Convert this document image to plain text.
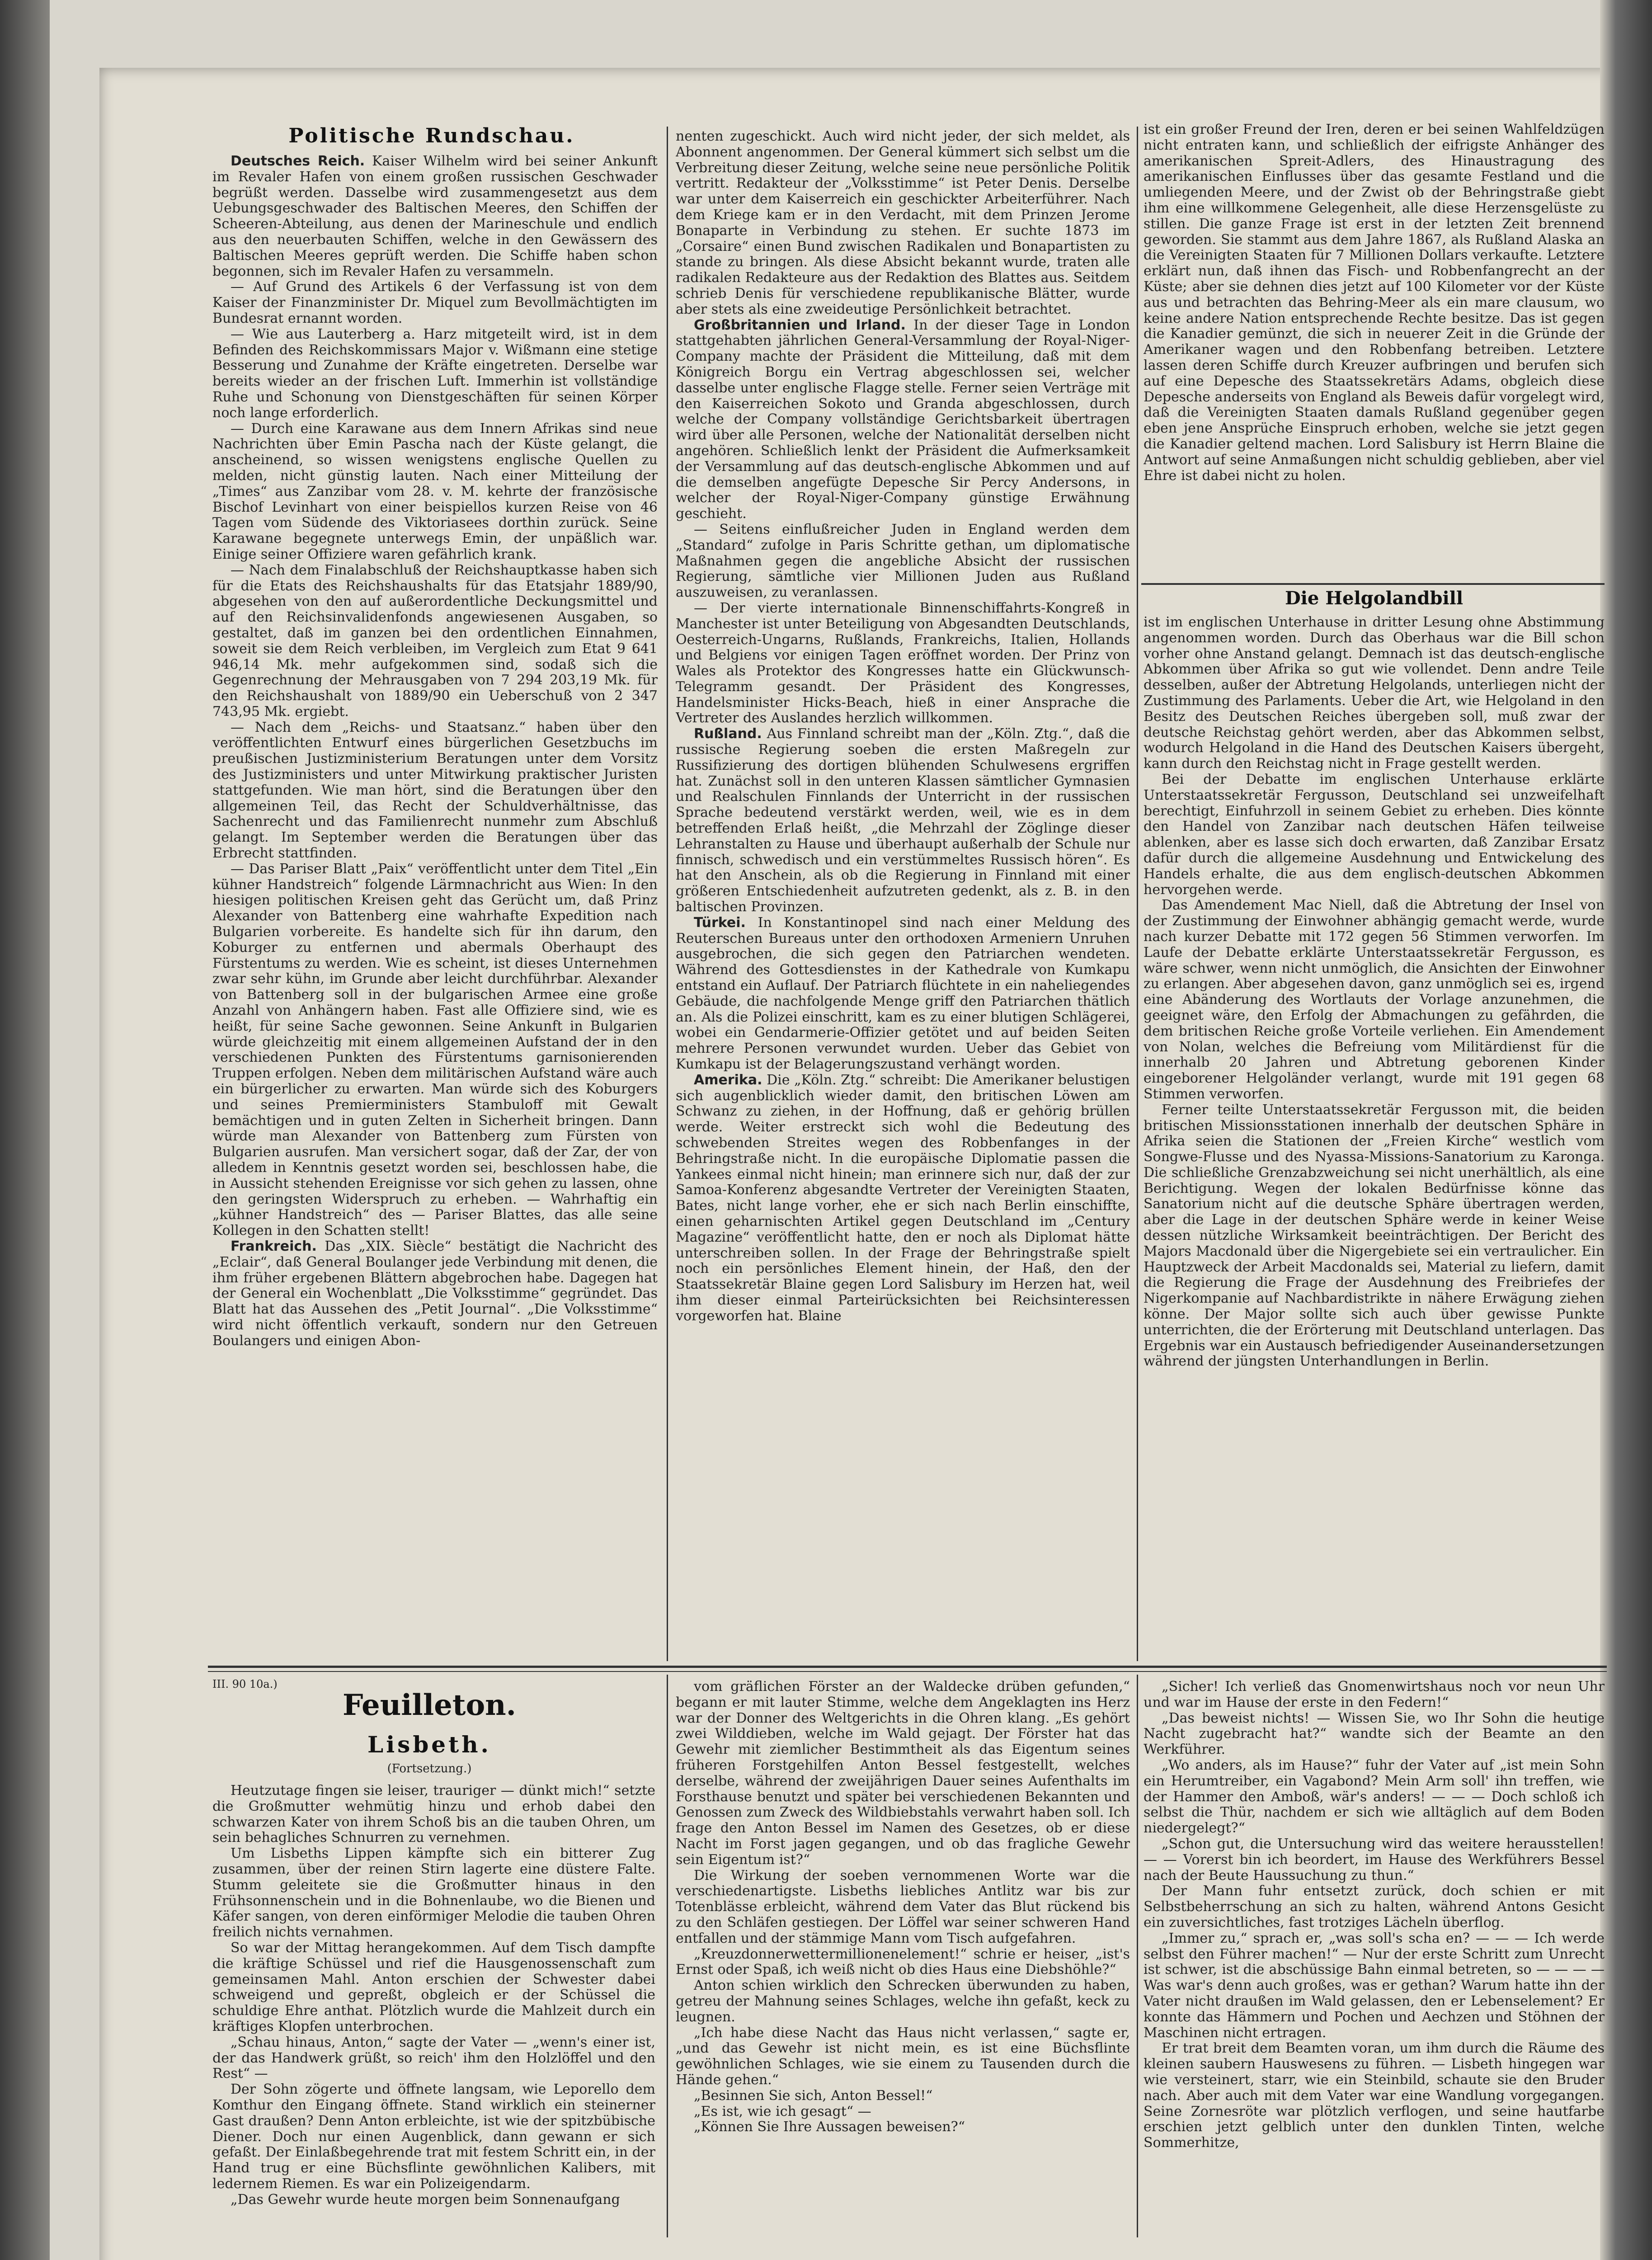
Politische Rundschau.

Deutsches Reich. Kaiser Wilhelm wird bei seiner Ankunft im Revaler Hafen von einem großen russischen Geschwader begrüßt werden. Dasselbe wird zusammengesetzt aus dem Uebungsgeschwader des Baltischen Meeres, den Schiffen der Scheeren-Abteilung, aus denen der Marineschule und endlich aus den neuerbauten Schiffen, welche in den Gewässern des Baltischen Meeres geprüft werden. Die Schiffe haben schon begonnen, sich im Revaler Hafen zu versammeln.

— Auf Grund des Artikels 6 der Verfassung ist von dem Kaiser der Finanzminister Dr. Miquel zum Bevollmächtigten im Bundesrat ernannt worden.

— Wie aus Lauterberg a. Harz mitgeteilt wird, ist in dem Befinden des Reichskommissars Major v. Wißmann eine stetige Besserung und Zunahme der Kräfte eingetreten. Derselbe war bereits wieder an der frischen Luft. Immerhin ist vollständige Ruhe und Schonung von Dienstgeschäften für seinen Körper noch lange erforderlich.

— Durch eine Karawane aus dem Innern Afrikas sind neue Nachrichten über Emin Pascha nach der Küste gelangt, die anscheinend, so wissen wenigstens englische Quellen zu melden, nicht günstig lauten. Nach einer Mitteilung der „Times“ aus Zanzibar vom 28. v. M. kehrte der französische Bischof Levinhart von einer beispiellos kurzen Reise von 46 Tagen vom Südende des Viktoriasees dorthin zurück. Seine Karawane begegnete unterwegs Emin, der unpäßlich war. Einige seiner Offiziere waren gefährlich krank.

— Nach dem Finalabschluß der Reichshauptkasse haben sich für die Etats des Reichshaushalts für das Etatsjahr 1889/90, abgesehen von den auf außerordentliche Deckungsmittel und auf den Reichsinvalidenfonds angewiesenen Ausgaben, so gestaltet, daß im ganzen bei den ordentlichen Einnahmen, soweit sie dem Reich verbleiben, im Vergleich zum Etat 9 641 946,14 Mk. mehr aufgekommen sind, sodaß sich die Gegenrechnung der Mehrausgaben von 7 294 203,19 Mk. für den Reichshaushalt von 1889/90 ein Ueberschuß von 2 347 743,95 Mk. ergiebt.

— Nach dem „Reichs- und Staatsanz.“ haben über den veröffentlichten Entwurf eines bürgerlichen Gesetzbuchs im preußischen Justizministerium Beratungen unter dem Vorsitz des Justizministers und unter Mitwirkung praktischer Juristen stattgefunden. Wie man hört, sind die Beratungen über den allgemeinen Teil, das Recht der Schuldverhältnisse, das Sachenrecht und das Familienrecht nunmehr zum Abschluß gelangt. Im September werden die Beratungen über das Erbrecht stattfinden.

— Das Pariser Blatt „Paix“ veröffentlicht unter dem Titel „Ein kühner Handstreich“ folgende Lärmnachricht aus Wien: In den hiesigen politischen Kreisen geht das Gerücht um, daß Prinz Alexander von Battenberg eine wahrhafte Expedition nach Bulgarien vorbereite. Es handelte sich für ihn darum, den Koburger zu entfernen und abermals Oberhaupt des Fürstentums zu werden. Wie es scheint, ist dieses Unternehmen zwar sehr kühn, im Grunde aber leicht durchführbar. Alexander von Battenberg soll in der bulgarischen Armee eine große Anzahl von Anhängern haben. Fast alle Offiziere sind, wie es heißt, für seine Sache gewonnen. Seine Ankunft in Bulgarien würde gleichzeitig mit einem allgemeinen Aufstand der in den verschiedenen Punkten des Fürstentums garnisonierenden Truppen erfolgen. Neben dem militärischen Aufstand wäre auch ein bürgerlicher zu erwarten. Man würde sich des Koburgers und seines Premierministers Stambuloff mit Gewalt bemächtigen und in guten Zelten in Sicherheit bringen. Dann würde man Alexander von Battenberg zum Fürsten von Bulgarien ausrufen. Man versichert sogar, daß der Zar, der von alledem in Kenntnis gesetzt worden sei, beschlossen habe, die in Aussicht stehenden Ereignisse vor sich gehen zu lassen, ohne den geringsten Widerspruch zu erheben. — Wahrhaftig ein „kühner Handstreich“ des — Pariser Blattes, das alle seine Kollegen in den Schatten stellt!

Frankreich. Das „XIX. Siècle“ bestätigt die Nachricht des „Eclair“, daß General Boulanger jede Verbindung mit denen, die ihm früher ergebenen Blättern abgebrochen habe. Dagegen hat der General ein Wochenblatt „Die Volksstimme“ gegründet. Das Blatt hat das Aussehen des „Petit Journal“. „Die Volksstimme“ wird nicht öffentlich verkauft, sondern nur den Getreuen Boulangers und einigen Abon-

nenten zugeschickt. Auch wird nicht jeder, der sich meldet, als Abonnent angenommen. Der General kümmert sich selbst um die Verbreitung dieser Zeitung, welche seine neue persönliche Politik vertritt. Redakteur der „Volksstimme“ ist Peter Denis. Derselbe war unter dem Kaiserreich ein geschickter Arbeiterführer. Nach dem Kriege kam er in den Verdacht, mit dem Prinzen Jerome Bonaparte in Verbindung zu stehen. Er suchte 1873 im „Corsaire“ einen Bund zwischen Radikalen und Bonapartisten zu stande zu bringen. Als diese Absicht bekannt wurde, traten alle radikalen Redakteure aus der Redaktion des Blattes aus. Seitdem schrieb Denis für verschiedene republikanische Blätter, wurde aber stets als eine zweideutige Persönlichkeit betrachtet.

Großbritannien und Irland. In der dieser Tage in London stattgehabten jährlichen General-Versammlung der Royal-Niger-Company machte der Präsident die Mitteilung, daß mit dem Königreich Borgu ein Vertrag abgeschlossen sei, welcher dasselbe unter englische Flagge stelle. Ferner seien Verträge mit den Kaiserreichen Sokoto und Granda abgeschlossen, durch welche der Company vollständige Gerichtsbarkeit übertragen wird über alle Personen, welche der Nationalität derselben nicht angehören. Schließlich lenkt der Präsident die Aufmerksamkeit der Versammlung auf das deutsch-englische Abkommen und auf die demselben angefügte Depesche Sir Percy Andersons, in welcher der Royal-Niger-Company günstige Erwähnung geschieht.

— Seitens einflußreicher Juden in England werden dem „Standard“ zufolge in Paris Schritte gethan, um diplomatische Maßnahmen gegen die angebliche Absicht der russischen Regierung, sämtliche vier Millionen Juden aus Rußland auszuweisen, zu veranlassen.

— Der vierte internationale Binnenschiffahrts-Kongreß in Manchester ist unter Beteiligung von Abgesandten Deutschlands, Oesterreich-Ungarns, Rußlands, Frankreichs, Italien, Hollands und Belgiens vor einigen Tagen eröffnet worden. Der Prinz von Wales als Protektor des Kongresses hatte ein Glückwunsch-Telegramm gesandt. Der Präsident des Kongresses, Handelsminister Hicks-Beach, hieß in einer Ansprache die Vertreter des Auslandes herzlich willkommen.

Rußland. Aus Finnland schreibt man der „Köln. Ztg.“, daß die russische Regierung soeben die ersten Maßregeln zur Russifizierung des dortigen blühenden Schulwesens ergriffen hat. Zunächst soll in den unteren Klassen sämtlicher Gymnasien und Realschulen Finnlands der Unterricht in der russischen Sprache bedeutend verstärkt werden, weil, wie es in dem betreffenden Erlaß heißt, „die Mehrzahl der Zöglinge dieser Lehranstalten zu Hause und überhaupt außerhalb der Schule nur finnisch, schwedisch und ein verstümmeltes Russisch hören“. Es hat den Anschein, als ob die Regierung in Finnland mit einer größeren Entschiedenheit aufzutreten gedenkt, als z. B. in den baltischen Provinzen.

Türkei. In Konstantinopel sind nach einer Meldung des Reuterschen Bureaus unter den orthodoxen Armeniern Unruhen ausgebrochen, die sich gegen den Patriarchen wendeten. Während des Gottesdienstes in der Kathedrale von Kumkapu entstand ein Auflauf. Der Patriarch flüchtete in ein naheliegendes Gebäude, die nachfolgende Menge griff den Patriarchen thätlich an. Als die Polizei einschritt, kam es zu einer blutigen Schlägerei, wobei ein Gendarmerie-Offizier getötet und auf beiden Seiten mehrere Personen verwundet wurden. Ueber das Gebiet von Kumkapu ist der Belagerungszustand verhängt worden.

Amerika. Die „Köln. Ztg.“ schreibt: Die Amerikaner belustigen sich augenblicklich wieder damit, den britischen Löwen am Schwanz zu ziehen, in der Hoffnung, daß er gehörig brüllen werde. Weiter erstreckt sich wohl die Bedeutung des schwebenden Streites wegen des Robbenfanges in der Behringstraße nicht. In die europäische Diplomatie passen die Yankees einmal nicht hinein; man erinnere sich nur, daß der zur Samoa-Konferenz abgesandte Vertreter der Vereinigten Staaten, Bates, nicht lange vorher, ehe er sich nach Berlin einschiffte, einen geharnischten Artikel gegen Deutschland im „Century Magazine“ veröffentlicht hatte, den er noch als Diplomat hätte unterschreiben sollen. In der Frage der Behringstraße spielt noch ein persönliches Element hinein, der Haß, den der Staatssekretär Blaine gegen Lord Salisbury im Herzen hat, weil ihm dieser einmal Parteirücksichten bei Reichsinteressen vorgeworfen hat. Blaine

ist ein großer Freund der Iren, deren er bei seinen Wahlfeldzügen nicht entraten kann, und schließlich der eifrigste Anhänger des amerikanischen Spreit-Adlers, des Hinaustragung des amerikanischen Einflusses über das gesamte Festland und die umliegenden Meere, und der Zwist ob der Behringstraße giebt ihm eine willkommene Gelegenheit, alle diese Herzensgelüste zu stillen. Die ganze Frage ist erst in der letzten Zeit brennend geworden. Sie stammt aus dem Jahre 1867, als Rußland Alaska an die Vereinigten Staaten für 7 Millionen Dollars verkaufte. Letztere erklärt nun, daß ihnen das Fisch- und Robbenfangrecht an der Küste; aber sie dehnen dies jetzt auf 100 Kilometer vor der Küste aus und betrachten das Behring-Meer als ein mare clausum, wo keine andere Nation entsprechende Rechte besitze. Das ist gegen die Kanadier gemünzt, die sich in neuerer Zeit in die Gründe der Amerikaner wagen und den Robbenfang betreiben. Letztere lassen deren Schiffe durch Kreuzer aufbringen und berufen sich auf eine Depesche des Staatssekretärs Adams, obgleich diese Depesche anderseits von England als Beweis dafür vorgelegt wird, daß die Vereinigten Staaten damals Rußland gegenüber gegen eben jene Ansprüche Einspruch erhoben, welche sie jetzt gegen die Kanadier geltend machen. Lord Salisbury ist Herrn Blaine die Antwort auf seine Anmaßungen nicht schuldig geblieben, aber viel Ehre ist dabei nicht zu holen.

Die Helgolandbill

ist im englischen Unterhause in dritter Lesung ohne Abstimmung angenommen worden. Durch das Oberhaus war die Bill schon vorher ohne Anstand gelangt. Demnach ist das deutsch-englische Abkommen über Afrika so gut wie vollendet. Denn andre Teile desselben, außer der Abtretung Helgolands, unterliegen nicht der Zustimmung des Parlaments. Ueber die Art, wie Helgoland in den Besitz des Deutschen Reiches übergeben soll, muß zwar der deutsche Reichstag gehört werden, aber das Abkommen selbst, wodurch Helgoland in die Hand des Deutschen Kaisers übergeht, kann durch den Reichstag nicht in Frage gestellt werden.

Bei der Debatte im englischen Unterhause erklärte Unterstaatssekretär Fergusson, Deutschland sei unzweifelhaft berechtigt, Einfuhrzoll in seinem Gebiet zu erheben. Dies könnte den Handel von Zanzibar nach deutschen Häfen teilweise ablenken, aber es lasse sich doch erwarten, daß Zanzibar Ersatz dafür durch die allgemeine Ausdehnung und Entwickelung des Handels erhalte, die aus dem englisch-deutschen Abkommen hervorgehen werde.

Das Amendement Mac Niell, daß die Abtretung der Insel von der Zustimmung der Einwohner abhängig gemacht werde, wurde nach kurzer Debatte mit 172 gegen 56 Stimmen verworfen. Im Laufe der Debatte erklärte Unterstaatssekretär Fergusson, es wäre schwer, wenn nicht unmöglich, die Ansichten der Einwohner zu erlangen. Aber abgesehen davon, ganz unmöglich sei es, irgend eine Abänderung des Wortlauts der Vorlage anzunehmen, die geeignet wäre, den Erfolg der Abmachungen zu gefährden, die dem britischen Reiche große Vorteile verliehen. Ein Amendement von Nolan, welches die Befreiung vom Militärdienst für die innerhalb 20 Jahren und Abtretung geborenen Kinder eingeborener Helgoländer verlangt, wurde mit 191 gegen 68 Stimmen verworfen.

Ferner teilte Unterstaatssekretär Fergusson mit, die beiden britischen Missionsstationen innerhalb der deutschen Sphäre in Afrika seien die Stationen der „Freien Kirche“ westlich vom Songwe-Flusse und des Nyassa-Missions-Sanatorium zu Karonga. Die schließliche Grenzabzweichung sei nicht unerhältlich, als eine Berichtigung. Wegen der lokalen Bedürfnisse könne das Sanatorium nicht auf die deutsche Sphäre übertragen werden, aber die Lage in der deutschen Sphäre werde in keiner Weise dessen nützliche Wirksamkeit beeinträchtigen. Der Bericht des Majors Macdonald über die Nigergebiete sei ein vertraulicher. Ein Hauptzweck der Arbeit Macdonalds sei, Material zu liefern, damit die Regierung die Frage der Ausdehnung des Freibriefes der Nigerkompanie auf Nachbardistrikte in nähere Erwägung ziehen könne. Der Major sollte sich auch über gewisse Punkte unterrichten, die der Erörterung mit Deutschland unterlagen. Das Ergebnis war ein Austausch befriedigender Auseinandersetzungen während der jüngsten Unterhandlungen in Berlin.

III. 90 10a.)
Feuilleton.
Lisbeth.
(Fortsetzung.)

Heutzutage fingen sie leiser, trauriger — dünkt mich!“ setzte die Großmutter wehmütig hinzu und erhob dabei den schwarzen Kater von ihrem Schoß bis an die tauben Ohren, um sein behagliches Schnurren zu vernehmen.

Um Lisbeths Lippen kämpfte sich ein bitterer Zug zusammen, über der reinen Stirn lagerte eine düstere Falte. Stumm geleitete sie die Großmutter hinaus in den Frühsonnenschein und in die Bohnenlaube, wo die Bienen und Käfer sangen, von deren einförmiger Melodie die tauben Ohren freilich nichts vernahmen.

So war der Mittag herangekommen. Auf dem Tisch dampfte die kräftige Schüssel und rief die Hausgenossenschaft zum gemeinsamen Mahl. Anton erschien der Schwester dabei schweigend und gepreßt, obgleich er der Schüssel die schuldige Ehre anthat. Plötzlich wurde die Mahlzeit durch ein kräftiges Klopfen unterbrochen.

„Schau hinaus, Anton,“ sagte der Vater — „wenn's einer ist, der das Handwerk grüßt, so reich' ihm den Holzlöffel und den Rest“ —

Der Sohn zögerte und öffnete langsam, wie Leporello dem Komthur den Eingang öffnete. Stand wirklich ein steinerner Gast draußen? Denn Anton erbleichte, ist wie der spitzbübische Diener. Doch nur einen Augenblick, dann gewann er sich gefaßt. Der Einlaßbegehrende trat mit festem Schritt ein, in der Hand trug er eine Büchsflinte gewöhnlichen Kalibers, mit ledernem Riemen. Es war ein Polizeigendarm.

„Das Gewehr wurde heute morgen beim Sonnenaufgang

vom gräflichen Förster an der Waldecke drüben gefunden,“ begann er mit lauter Stimme, welche dem Angeklagten ins Herz war der Donner des Weltgerichts in die Ohren klang. „Es gehört zwei Wilddieben, welche im Wald gejagt. Der Förster hat das Gewehr mit ziemlicher Bestimmtheit als das Eigentum seines früheren Forstgehilfen Anton Bessel festgestellt, welches derselbe, während der zweijährigen Dauer seines Aufenthalts im Forsthause benutzt und später bei verschiedenen Bekannten und Genossen zum Zweck des Wildbiebstahls verwahrt haben soll. Ich frage den Anton Bessel im Namen des Gesetzes, ob er diese Nacht im Forst jagen gegangen, und ob das fragliche Gewehr sein Eigentum ist?“

Die Wirkung der soeben vernommenen Worte war die verschiedenartigste. Lisbeths liebliches Antlitz war bis zur Totenblässe erbleicht, während dem Vater das Blut rückend bis zu den Schläfen gestiegen. Der Löffel war seiner schweren Hand entfallen und der stämmige Mann vom Tisch aufgefahren.

„Kreuzdonnerwettermillionenelement!“ schrie er heiser, „ist's Ernst oder Spaß, ich weiß nicht ob dies Haus eine Diebshöhle?“

Anton schien wirklich den Schrecken überwunden zu haben, getreu der Mahnung seines Schlages, welche ihn gefaßt, keck zu leugnen.

„Ich habe diese Nacht das Haus nicht verlassen,“ sagte er, „und das Gewehr ist nicht mein, es ist eine Büchsflinte gewöhnlichen Schlages, wie sie einem zu Tausenden durch die Hände gehen.“

„Besinnen Sie sich, Anton Bessel!“

„Es ist, wie ich gesagt“ —

„Können Sie Ihre Aussagen beweisen?“

„Sicher! Ich verließ das Gnomenwirtshaus noch vor neun Uhr und war im Hause der erste in den Federn!“

„Das beweist nichts! — Wissen Sie, wo Ihr Sohn die heutige Nacht zugebracht hat?“ wandte sich der Beamte an den Werkführer.

„Wo anders, als im Hause?“ fuhr der Vater auf „ist mein Sohn ein Herumtreiber, ein Vagabond? Mein Arm soll' ihn treffen, wie der Hammer den Amboß, wär's anders! — — — Doch schloß ich selbst die Thür, nachdem er sich wie alltäglich auf dem Boden niedergelegt?“

„Schon gut, die Untersuchung wird das weitere herausstellen! — — Vorerst bin ich beordert, im Hause des Werkführers Bessel nach der Beute Haussuchung zu thun.“

Der Mann fuhr entsetzt zurück, doch schien er mit Selbstbeherrschung an sich zu halten, während Antons Gesicht ein zuversichtliches, fast trotziges Lächeln überflog.

„Immer zu,“ sprach er, „was soll's scha en? — — — Ich werde selbst den Führer machen!“ — Nur der erste Schritt zum Unrecht ist schwer, ist die abschüssige Bahn einmal betreten, so — — — — Was war's denn auch großes, was er gethan? Warum hatte ihn der Vater nicht draußen im Wald gelassen, den er Lebenselement? Er konnte das Hämmern und Pochen und Aechzen und Stöhnen der Maschinen nicht ertragen.

Er trat breit dem Beamten voran, um ihm durch die Räume des kleinen saubern Hauswesens zu führen. — Lisbeth hingegen war wie versteinert, starr, wie ein Steinbild, schaute sie den Bruder nach. Aber auch mit dem Vater war eine Wandlung vorgegangen. Seine Zornesröte war plötzlich verflogen, und seine hautfarbe erschien jetzt gelblich unter den dunklen Tinten, welche Sommerhitze,
